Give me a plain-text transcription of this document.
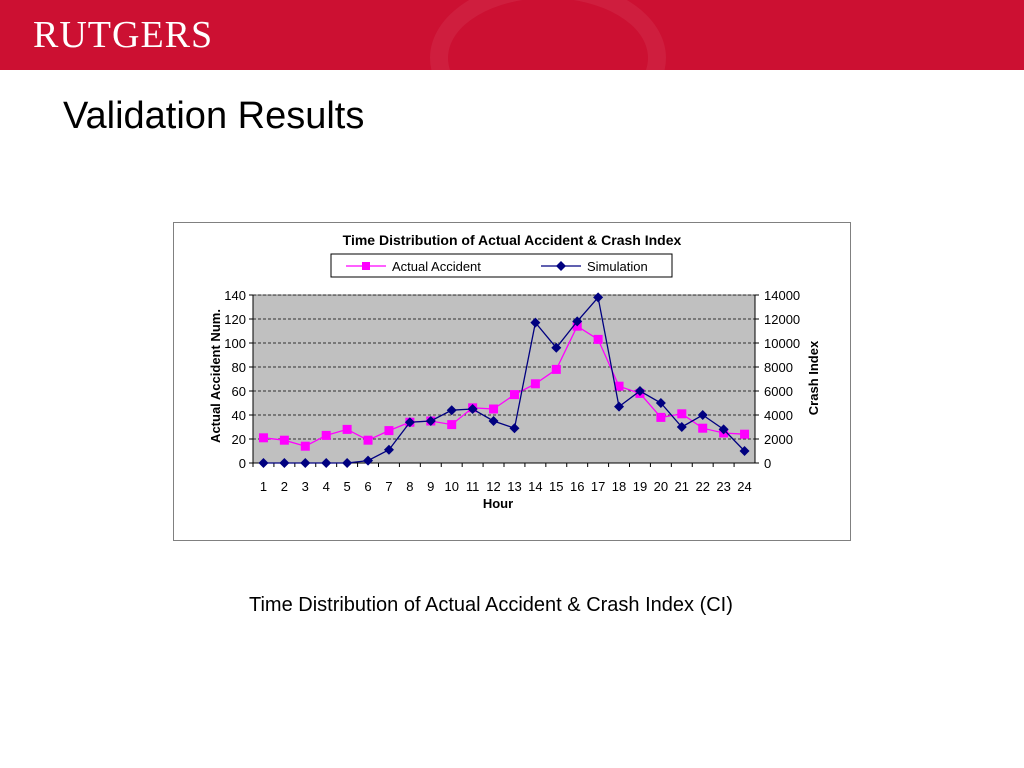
RUTGERS
Validation Results
Time Distribution of Actual Accident & Crash Index
Actual Accident	Simulation
0
20
40
60
80
100
120
140
0
2000
4000
6000
8000
10000
12000
14000
1 2 3 4 5 6 7 8 9 10 11 12 13 14 15 16 17 18 19 20 21 22 23 24
Hour
Actual Accident Num.	Crash Index
Time Distribution of Actual Accident & Crash Index (CI)
